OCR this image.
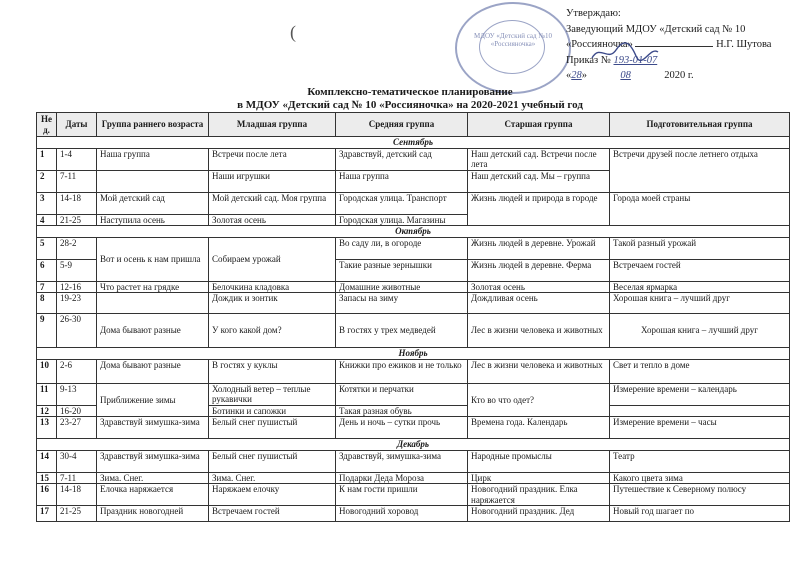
МДОУ «Детский сад №10 «Россияночка»
(
Утверждаю:
Заведующий МДОУ «Детский сад № 10
«Россияночка»	Н.Г. Шутова
Приказ № 193-01-07
«28»	08	2020 г.
Комплексно-тематическое планирование
в МДОУ «Детский сад № 10 «Россияночка» на 2020-2021 учебный год
Не д.	Даты	Группа раннего возраста	Младшая группа	Средняя группа	Старшая группа	Подготовительная группа
Сентябрь						
1	1-4	Наша группа	Встречи после лета	Здравствуй, детский сад	Наш детский сад. Встречи после лета	Встречи друзей после летнего отдыха
2	7-11		Наши игрушки	Наша группа	Наш детский сад. Мы – группа	
3	14-18	Мой детский сад	Мой детский сад. Моя группа	Городская улица. Транспорт	Жизнь людей и природа в городе	Города моей страны
4	21-25	Наступила осень	Золотая осень	Городская улица. Магазины		
Октябрь						
5	28-2	Вот и осень к нам пришла	Собираем урожай	Во саду ли, в огороде	Жизнь людей в деревне. Урожай	Такой разный урожай
6	5-9			Такие разные зернышки	Жизнь людей в деревне. Ферма	Встречаем гостей
7	12-16	Что растет на грядке	Белочкина кладовка	Домашние животные	Золотая осень	Веселая ярмарка
8	19-23		Дождик и зонтик	Запасы на зиму	Дождливая осень	Хорошая книга – лучший друг
9	26-30	Дома бывают разные	У кого какой дом?	В гостях у трех медведей	Лес в жизни человека и животных	Хорошая книга – лучший друг
Ноябрь						
10	2-6	Дома бывают разные	В гостях у куклы	Книжки про ежиков и не только	Лес в жизни человека и животных	Свет и тепло в доме
11	9-13	Приближение зимы	Холодный ветер – теплые рукавички	Котятки и перчатки	Кто во что одет?	Измерение времени – календарь
12	16-20		Ботинки и сапожки	Такая разная обувь		
13	23-27	Здравствуй зимушка-зима	Белый снег пушистый	День и ночь – сутки прочь	Времена года. Календарь	Измерение времени – часы
Декабрь						
14	30-4	Здравствуй зимушка-зима	Белый снег пушистый	Здравствуй, зимушка-зима	Народные промыслы	Театр
15	7-11	Зима. Снег.	Зима. Снег.	Подарки Деда Мороза	Цирк	Какого цвета зима
16	14-18	Елочка наряжается	Наряжаем елочку	К нам гости пришли	Новогодний праздник. Елка наряжается	Путешествие к Северному полюсу
17	21-25	Праздник новогодней	Встречаем гостей	Новогодний хоровод	Новогодний праздник. Дед	Новый год шагает по
